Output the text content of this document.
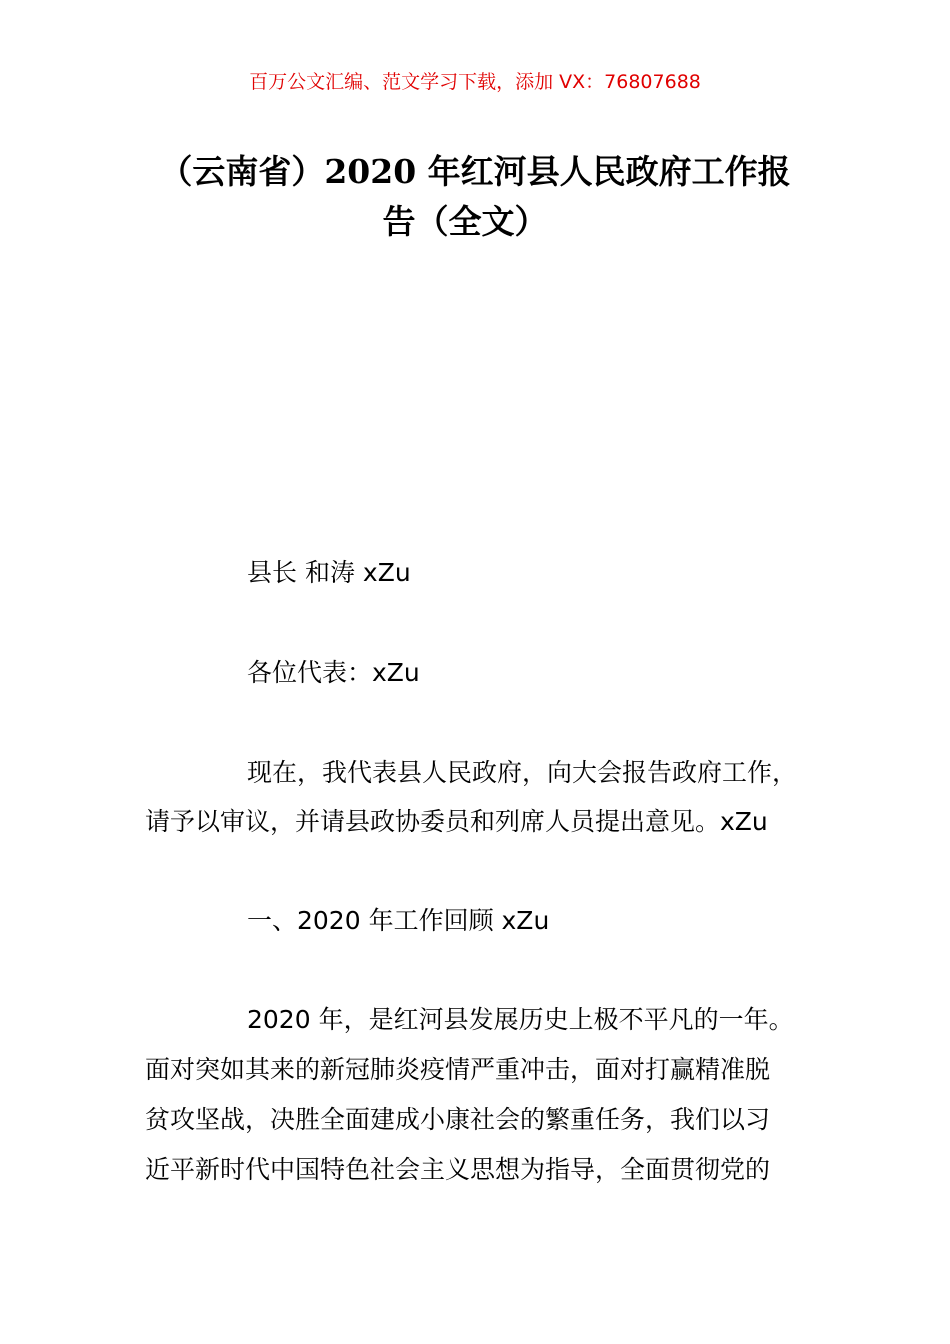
百万公文汇编、范文学习下载，添加 VX：76807688
（云南省）2020 年红河县人民政府工作报
告（全文）
县长 和涛 xZu
各位代表：xZu
现在，我代表县人民政府，向大会报告政府工作，
请予以审议，并请县政协委员和列席人员提出意见。xZu
一、2020 年工作回顾 xZu
2020 年，是红河县发展历史上极不平凡的一年。
面对突如其来的新冠肺炎疫情严重冲击，面对打赢精准脱
贫攻坚战，决胜全面建成小康社会的繁重任务，我们以习
近平新时代中国特色社会主义思想为指导，全面贯彻党的
